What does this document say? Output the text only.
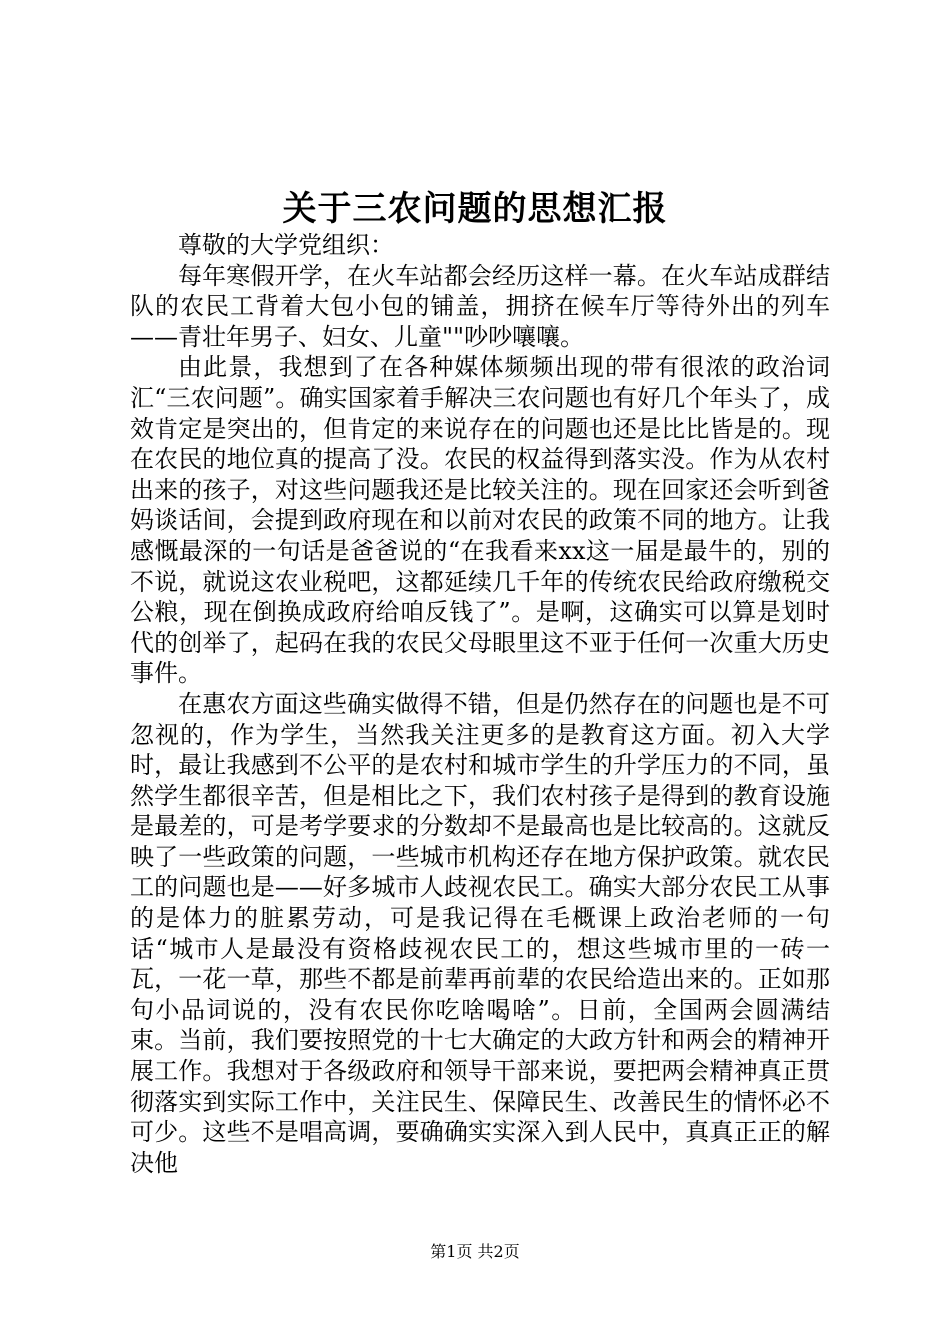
关于三农问题的思想汇报

尊敬的大学党组织：

每年寒假开学，在火车站都会经历这样一幕。在火车站成群结队的农民工背着大包小包的铺盖，拥挤在候车厅等待外出的列车——青壮年男子、妇女、儿童""吵吵嚷嚷。

由此景，我想到了在各种媒体频频出现的带有很浓的政治词汇“三农问题”。确实国家着手解决三农问题也有好几个年头了，成效肯定是突出的，但肯定的来说存在的问题也还是比比皆是的。现在农民的地位真的提高了没。农民的权益得到落实没。作为从农村出来的孩子，对这些问题我还是比较关注的。现在回家还会听到爸妈谈话间，会提到政府现在和以前对农民的政策不同的地方。让我感慨最深的一句话是爸爸说的“在我看来xx这一届是最牛的，别的不说，就说这农业税吧，这都延续几千年的传统农民给政府缴税交公粮，现在倒换成政府给咱反钱了”。是啊，这确实可以算是划时代的创举了，起码在我的农民父母眼里这不亚于任何一次重大历史事件。

在惠农方面这些确实做得不错，但是仍然存在的问题也是不可忽视的，作为学生，当然我关注更多的是教育这方面。初入大学时，最让我感到不公平的是农村和城市学生的升学压力的不同，虽然学生都很辛苦，但是相比之下，我们农村孩子是得到的教育设施是最差的，可是考学要求的分数却不是最高也是比较高的。这就反映了一些政策的问题，一些城市机构还存在地方保护政策。就农民工的问题也是——好多城市人歧视农民工。确实大部分农民工从事的是体力的脏累劳动，可是我记得在毛概课上政治老师的一句话“城市人是最没有资格歧视农民工的，想这些城市里的一砖一瓦，一花一草，那些不都是前辈再前辈的农民给造出来的。正如那句小品词说的，没有农民你吃啥喝啥”。日前，全国两会圆满结束。当前，我们要按照党的十七大确定的大政方针和两会的精神开展工作。我想对于各级政府和领导干部来说，要把两会精神真正贯彻落实到实际工作中，关注民生、保障民生、改善民生的情怀必不可少。这些不是唱高调，要确确实实深入到人民中，真真正正的解决他

第1页 共2页
